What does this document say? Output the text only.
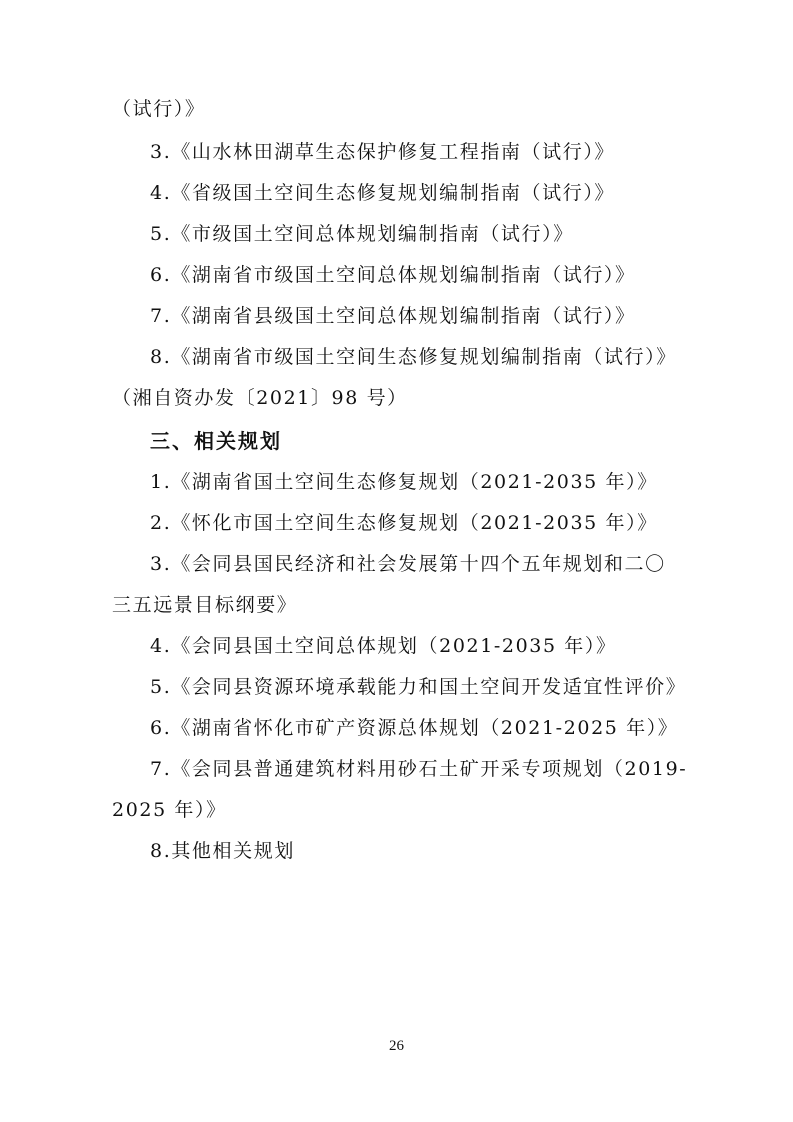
（试行）》
3.《山水林田湖草生态保护修复工程指南（试行）》
4.《省级国土空间生态修复规划编制指南（试行）》
5.《市级国土空间总体规划编制指南（试行）》
6.《湖南省市级国土空间总体规划编制指南（试行）》
7.《湖南省县级国土空间总体规划编制指南（试行）》
8.《湖南省市级国土空间生态修复规划编制指南（试行）》
（湘自资办发〔2021〕98 号）
三、相关规划
1.《湖南省国土空间生态修复规划（2021-2035 年）》
2.《怀化市国土空间生态修复规划（2021-2035 年）》
3.《会同县国民经济和社会发展第十四个五年规划和二〇
三五远景目标纲要》
4.《会同县国土空间总体规划（2021-2035 年）》
5.《会同县资源环境承载能力和国土空间开发适宜性评价》
6.《湖南省怀化市矿产资源总体规划（2021-2025 年）》
7.《会同县普通建筑材料用砂石土矿开采专项规划（2019-
2025 年）》
8.其他相关规划
26
